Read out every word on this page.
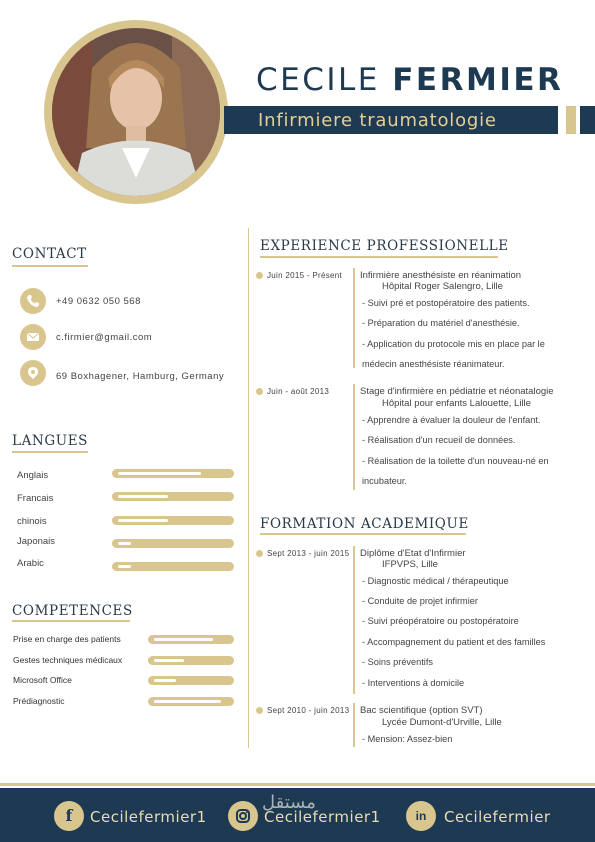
CECILE FERMIER
Infirmiere traumatologie
CONTACT
+49 0632 050 568
c.firmier@gmail.com
69 Boxhagener, Hamburg, Germany
LANGUES
Anglais
Francais
chinois
Japonais
Arabic
COMPETENCES
Prise en charge des patients
Gestes techniques médicaux
Microsoft Office
Prédiagnostic
EXPERIENCE PROFESSIONELLE
Juin 2015 - Présent Infirmière anesthésiste en réanimation
Hôpital Roger Salengro, Lille
- Suivi pré et postopératoire des patients.
- Préparation du matériel d'anesthésie.
- Application du protocole mis en place par le
médecin anesthésiste réanimateur.
Juin - août 2013	Stage d'infirmière en pédiatrie et néonatalogie
Hôpital pour enfants Lalouette, Lille
- Apprendre à évaluer la douleur de l'enfant.
- Réalisation d'un recueil de données.
- Réalisation de la toilette d'un nouveau-né en
incubateur.
FORMATION ACADEMIQUE
Sept 2013 - juin 2015 Diplôme d'Etat d'Infirmier
IFPVPS, Lille
- Diagnostic médical / thérapeutique
- Conduite de projet infirmier
- Suivi préopératoire ou postopératoire
- Accompagnement du patient et des familles
- Soins préventifs
- Interventions à domicile
Sept 2010 - juin 2013 Bac scientifique (option SVT)
Lycée Dumont-d'Urville, Lille
- Mension: Assez-bien
f	Cecilefermier1	Cecilefermier1
مستقل
in	Cecilefermier
